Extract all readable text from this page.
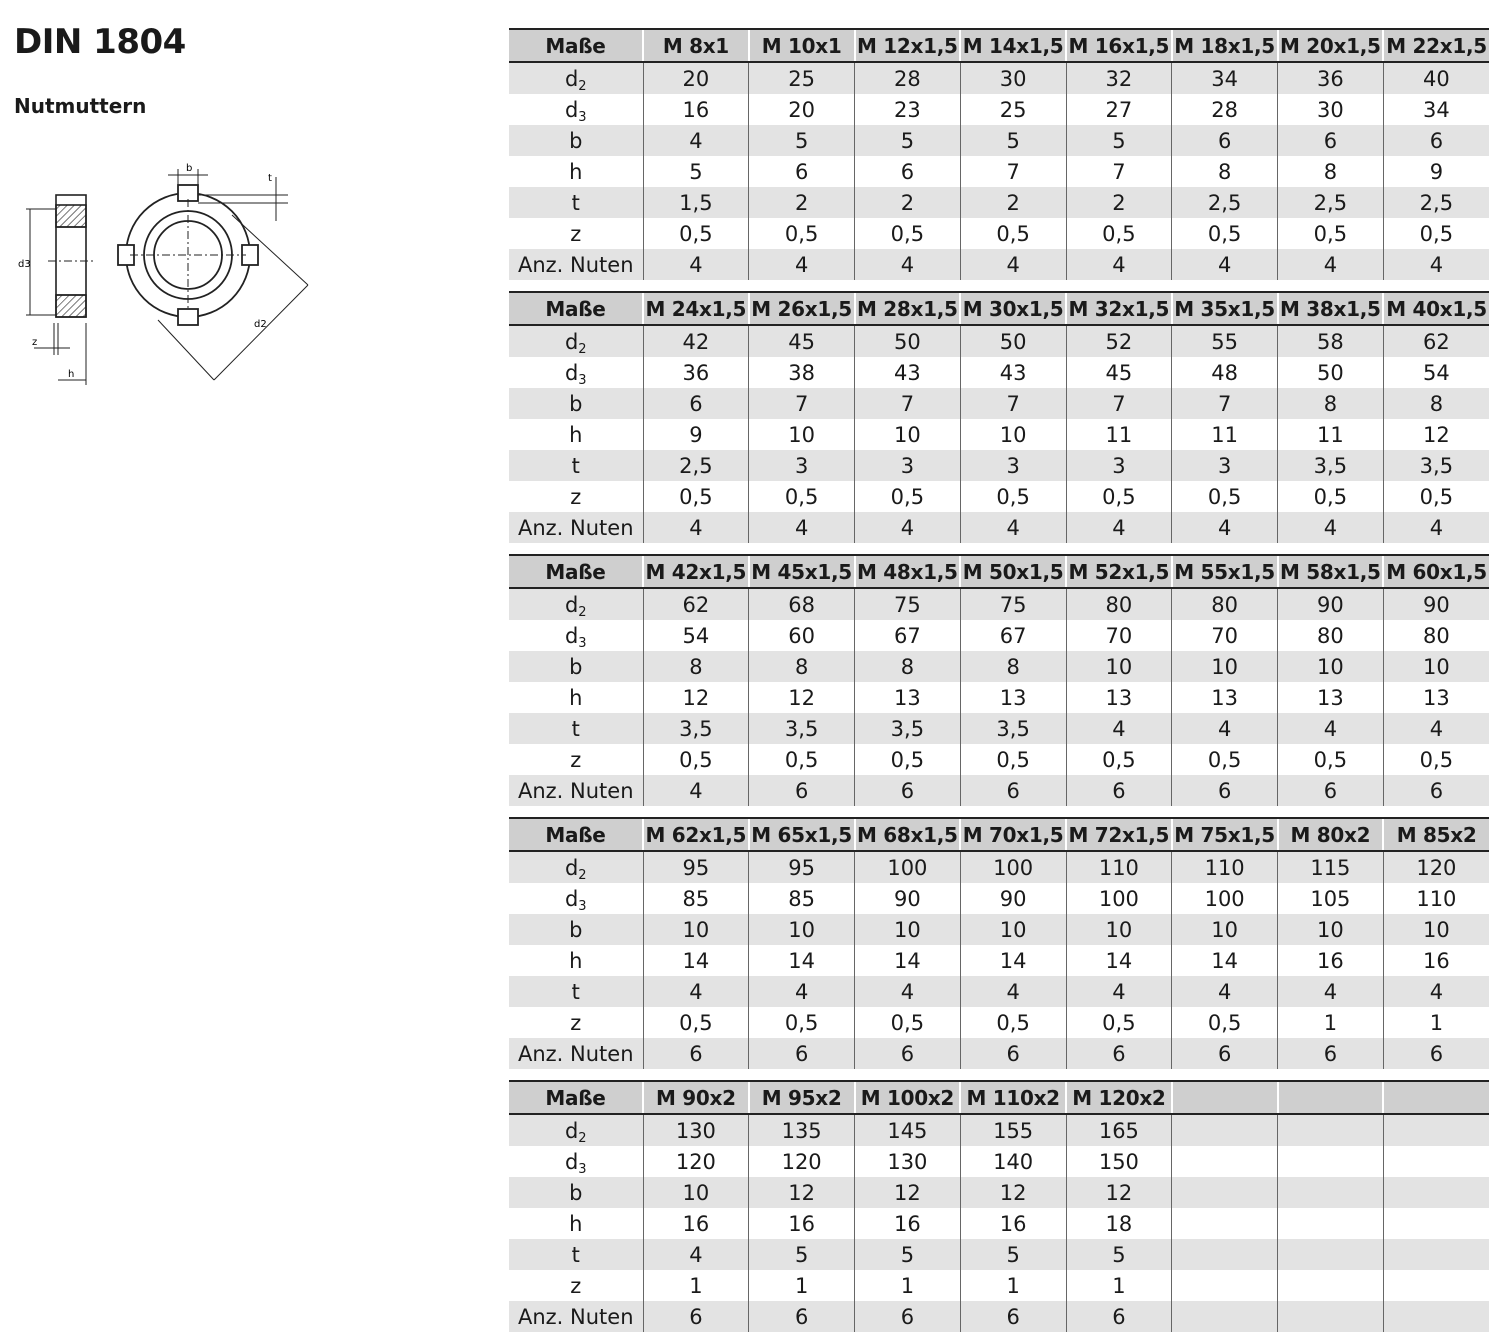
DIN 1804
Nutmuttern
d3
z
h
b
t
d2
Maße	M 8x1	M 10x1	M 12x1,5	M 14x1,5	M 16x1,5	M 18x1,5	M 20x1,5	M 22x1,5
$d_2$	20	25	28	30	32	34	36	40
$d_3$	16	20	23	25	27	28	30	34
b	4	5	5	5	5	6	6	6
h	5	6	6	7	7	8	8	9
t	1,5	2	2	2	2	2,5	2,5	2,5
z	0,5	0,5	0,5	0,5	0,5	0,5	0,5	0,5
Anz. Nuten	4	4	4	4	4	4	4	4
Maße	M 24x1,5	M 26x1,5	M 28x1,5	M 30x1,5	M 32x1,5	M 35x1,5	M 38x1,5	M 40x1,5
$d_2$	42	45	50	50	52	55	58	62
$d_3$	36	38	43	43	45	48	50	54
b	6	7	7	7	7	7	8	8
h	9	10	10	10	11	11	11	12
t	2,5	3	3	3	3	3	3,5	3,5
z	0,5	0,5	0,5	0,5	0,5	0,5	0,5	0,5
Anz. Nuten	4	4	4	4	4	4	4	4
Maße	M 42x1,5	M 45x1,5	M 48x1,5	M 50x1,5	M 52x1,5	M 55x1,5	M 58x1,5	M 60x1,5
$d_2$	62	68	75	75	80	80	90	90
$d_3$	54	60	67	67	70	70	80	80
b	8	8	8	8	10	10	10	10
h	12	12	13	13	13	13	13	13
t	3,5	3,5	3,5	3,5	4	4	4	4
z	0,5	0,5	0,5	0,5	0,5	0,5	0,5	0,5
Anz. Nuten	4	6	6	6	6	6	6	6
Maße	M 62x1,5	M 65x1,5	M 68x1,5	M 70x1,5	M 72x1,5	M 75x1,5	M 80x2	M 85x2
$d_2$	95	95	100	100	110	110	115	120
$d_3$	85	85	90	90	100	100	105	110
b	10	10	10	10	10	10	10	10
h	14	14	14	14	14	14	16	16
t	4	4	4	4	4	4	4	4
z	0,5	0,5	0,5	0,5	0,5	0,5	1	1
Anz. Nuten	6	6	6	6	6	6	6	6
Maße	M 90x2	M 95x2	M 100x2	M 110x2	M 120x2			
$d_2$	130	135	145	155	165			
$d_3$	120	120	130	140	150			
b	10	12	12	12	12			
h	16	16	16	16	18			
t	4	5	5	5	5			
z	1	1	1	1	1			
Anz. Nuten	6	6	6	6	6			
